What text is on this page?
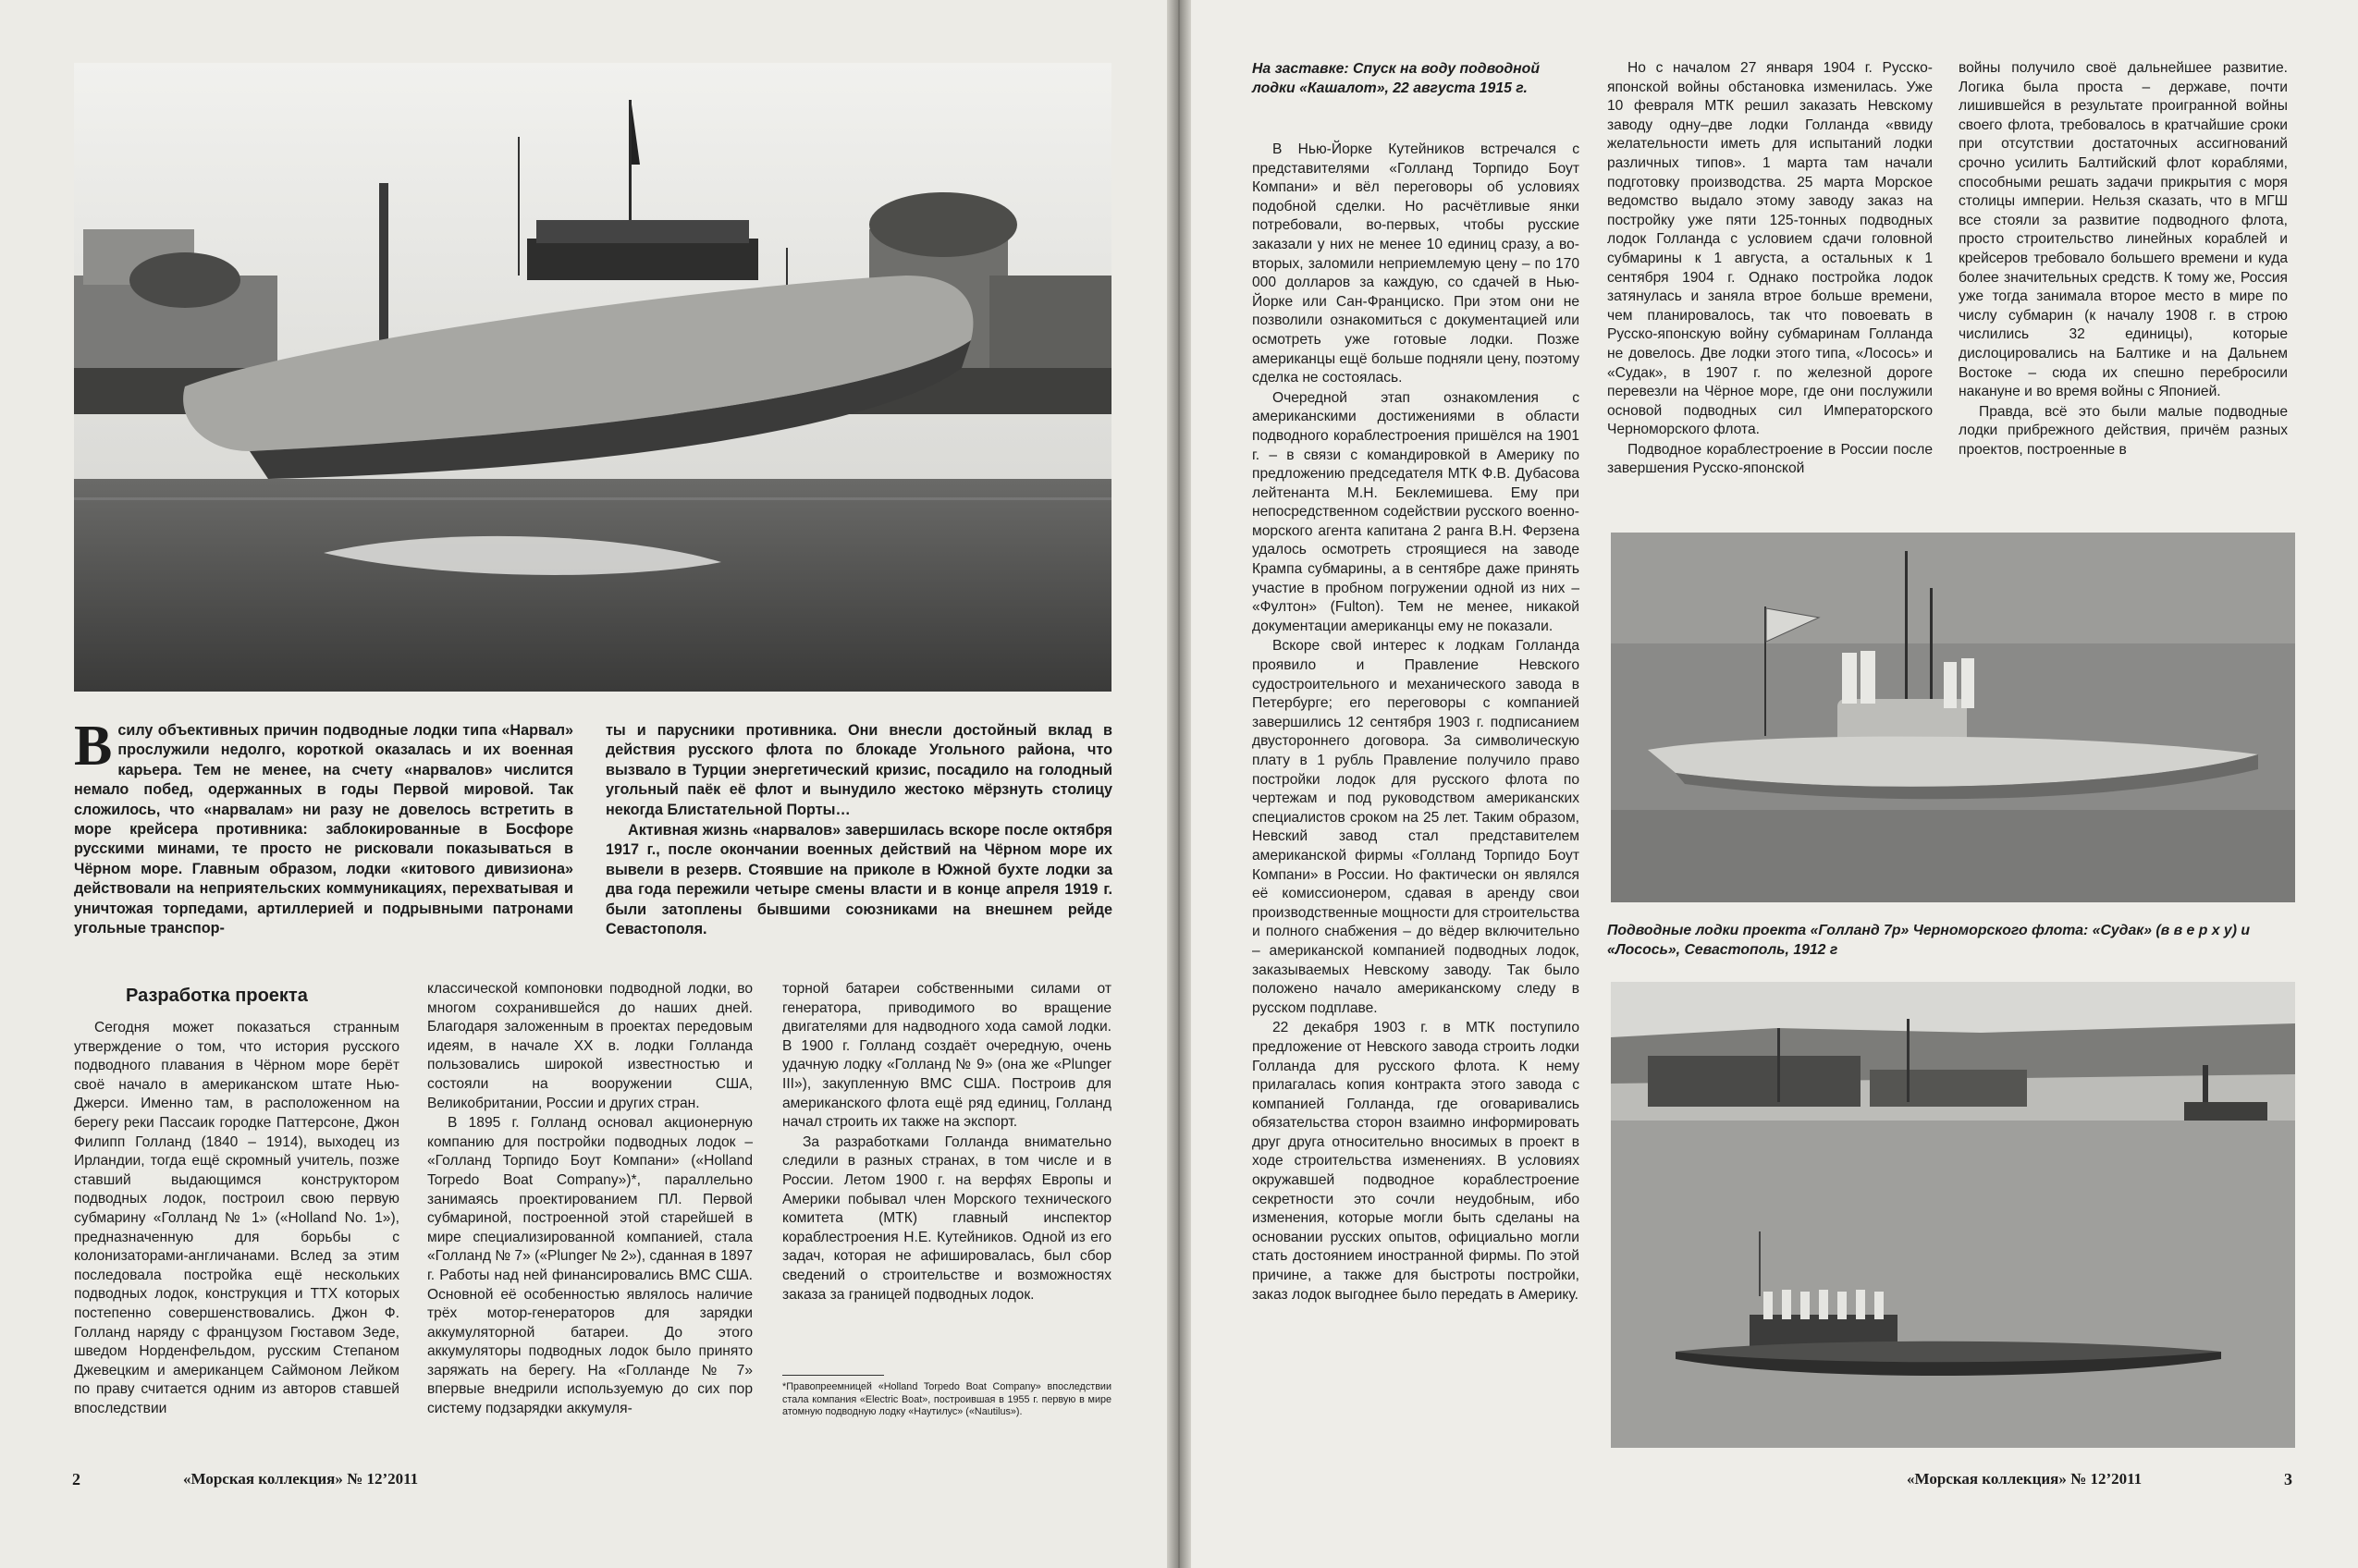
Всилу объективных причин подводные лодки типа «Нарвал» прослужили недолго, короткой оказалась и их военная карьера. Тем не менее, на счету «нарвалов» числится немало побед, одержанных в годы Первой мировой. Так сложилось, что «нарвалам» ни разу не довелось встретить в море крейсера противника: заблокированные в Босфоре русскими минами, те просто не рисковали показываться в Чёрном море. Главным образом, лодки «китового дивизиона» действовали на неприятельских коммуникациях, перехватывая и уничтожая торпедами, артиллерией и подрывными патронами угольные транспор-

ты и парусники противника. Они внесли достойный вклад в действия русского флота по блокаде Угольного района, что вызвало в Турции энергетический кризис, посадило на голодный угольный паёк её флот и вынудило жестоко мёрзнуть столицу некогда Блистательной Порты…

Активная жизнь «нарвалов» завершилась вскоре после октября 1917 г., после окончании военных действий на Чёрном море их вывели в резерв. Стоявшие на приколе в Южной бухте лодки за два года пережили четыре смены власти и в конце апреля 1919 г. были затоплены бывшими союзниками на внешнем рейде Севастополя.

Разработка проекта

Сегодня может показаться странным утверждение о том, что история русского подводного плавания в Чёрном море берёт своё начало в американском штате Нью-Джерси. Именно там, в расположенном на берегу реки Пассаик городке Паттерсоне, Джон Филипп Голланд (1840 – 1914), выходец из Ирландии, тогда ещё скромный учитель, позже ставший выдающимся конструктором подводных лодок, построил свою первую субмарину «Голланд № 1» («Holland No. 1»), предназначенную для борьбы с колонизаторами-англичанами. Вслед за этим последовала постройка ещё нескольких подводных лодок, конструкция и ТТХ которых постепенно совершенствовались. Джон Ф. Голланд наряду с французом Гюставом Зеде, шведом Норденфельдом, русским Степаном Джевецким и американцем Саймоном Лейком по праву считается одним из авторов ставшей впоследствии

классической компоновки подводной лодки, во многом сохранившейся до наших дней. Благодаря заложенным в проектах передовым идеям, в начале XX в. лодки Голланда пользовались широкой известностью и состояли на вооружении США, Великобритании, России и других стран.

В 1895 г. Голланд основал акционерную компанию для постройки подводных лодок – «Голланд Торпидо Боут Компани» («Holland Torpedo Boat Company»)*, параллельно занимаясь проектированием ПЛ. Первой субмариной, построенной этой старейшей в мире специализированной компанией, стала «Голланд № 7» («Plunger № 2»), сданная в 1897 г. Работы над ней финансировались ВМС США. Основной её особенностью являлось наличие трёх мотор-генераторов для зарядки аккумуляторной батареи. До этого аккумуляторы подводных лодок было принято заряжать на берегу. На «Голланде № 7» впервые внедрили используемую до сих пор систему подзарядки аккумуля-

торной батареи собственными силами от генератора, приводимого во вращение двигателями для надводного хода самой лодки. В 1900 г. Голланд создаёт очередную, очень удачную лодку «Голланд № 9» (она же «Plunger III»), закупленную ВМС США. Построив для американского флота ещё ряд единиц, Голланд начал строить их также на экспорт.

За разработками Голланда внимательно следили в разных странах, в том числе и в России. Летом 1900 г. на верфях Европы и Америки побывал член Морского технического комитета (МТК) главный инспектор кораблестроения Н.Е. Кутейников. Одной из его задач, которая не афишировалась, был сбор сведений о строительстве и возможностях заказа за границей подводных лодок.

*Правопреемницей «Holland Torpedo Boat Company» впоследствии стала компания «Electric Boat», построившая в 1955 г. первую в мире атомную подводную лодку «Наутилус» («Nautilus»).
2	«Морская коллекция» № 12’2011
На заставке: Спуск на воду подводной лодки «Кашалот», 22 августа 1915 г.

В Нью-Йорке Кутейников встречался с представителями «Голланд Торпидо Боут Компани» и вёл переговоры об условиях подобной сделки. Но расчётливые янки потребовали, во-первых, чтобы русские заказали у них не менее 10 единиц сразу, а во-вторых, заломили неприемлемую цену – по 170 000 долларов за каждую, со сдачей в Нью-Йорке или Сан-Франциско. При этом они не позволили ознакомиться с документацией или осмотреть уже готовые лодки. Позже американцы ещё больше подняли цену, поэтому сделка не состоялась.

Очередной этап ознакомления с американскими достижениями в области подводного кораблестроения пришёлся на 1901 г. – в связи с командировкой в Америку по предложению председателя МТК Ф.В. Дубасова лейтенанта М.Н. Беклемишева. Ему при непосредственном содействии русского военно-морского агента капитана 2 ранга В.Н. Ферзена удалось осмотреть строящиеся на заводе Крампа субмарины, а в сентябре даже принять участие в пробном погружении одной из них – «Фултон» (Fulton). Тем не менее, никакой документации американцы ему не показали.

Вскоре свой интерес к лодкам Голланда проявило и Правление Невского судостроительного и механического завода в Петербурге; его переговоры с компанией завершились 12 сентября 1903 г. подписанием двустороннего договора. За символическую плату в 1 рубль Правление получило право постройки лодок для русского флота по чертежам и под руководством американских специалистов сроком на 25 лет. Таким образом, Невский завод стал представителем американской фирмы «Голланд Торпидо Боут Компани» в России. Но фактически он являлся её комиссионером, сдавая в аренду свои производственные мощности для строительства и полного снабжения – до вёдер включительно – американской компанией подводных лодок, заказываемых Невскому заводу. Так было положено начало американскому следу в русском подплаве.

22 декабря 1903 г. в МТК поступило предложение от Невского завода строить лодки Голланда для русского флота. К нему прилагалась копия контракта этого завода с компанией Голланда, где оговаривались обязательства сторон взаимно информировать друг друга относительно вносимых в проект в ходе строительства изменениях. В условиях окружавшей подводное кораблестроение секретности это сочли неудобным, ибо изменения, которые могли быть сделаны на основании русских опытов, официально могли стать достоянием иностранной фирмы. По этой причине, а также для быстроты постройки, заказ лодок выгоднее было передать в Америку.

Но с началом 27 января 1904 г. Русско-японской войны обстановка изменилась. Уже 10 февраля МТК решил заказать Невскому заводу одну–две лодки Голланда «ввиду желательности иметь для испытаний лодки различных типов». 1 марта там начали подготовку производства. 25 марта Морское ведомство выдало этому заводу заказ на постройку уже пяти 125-тонных подводных лодок Голланда с условием сдачи головной субмарины к 1 августа, а остальных к 1 сентября 1904 г. Однако постройка лодок затянулась и заняла втрое больше времени, чем планировалось, так что повоевать в Русско-японскую войну субмаринам Голланда не довелось. Две лодки этого типа, «Лосось» и «Судак», в 1907 г. по железной дороге перевезли на Чёрное море, где они послужили основой подводных сил Императорского Черноморского флота.

Подводное кораблестроение в России после завершения Русско-японской

войны получило своё дальнейшее развитие. Логика была проста – державе, почти лишившейся в результате проигранной войны своего флота, требовалось в кратчайшие сроки при отсутствии достаточных ассигнований срочно усилить Балтийский флот кораблями, способными решать задачи прикрытия с моря столицы империи. Нельзя сказать, что в МГШ все стояли за развитие подводного флота, просто строительство линейных кораблей и крейсеров требовало большего времени и куда более значительных средств. К тому же, Россия уже тогда занимала второе место в мире по числу субмарин (к началу 1908 г. в строю числились 32 единицы), которые дислоцировались на Балтике и на Дальнем Востоке – сюда их спешно перебросили накануне и во время войны с Японией.

Правда, всё это были малые подводные лодки прибрежного действия, причём разных проектов, построенные в

Подводные лодки проекта «Голланд 7р» Черноморского флота: «Судак» (в в е р х у) и «Лосось», Севастополь, 1912 г
«Морская коллекция» № 12’2011	3
